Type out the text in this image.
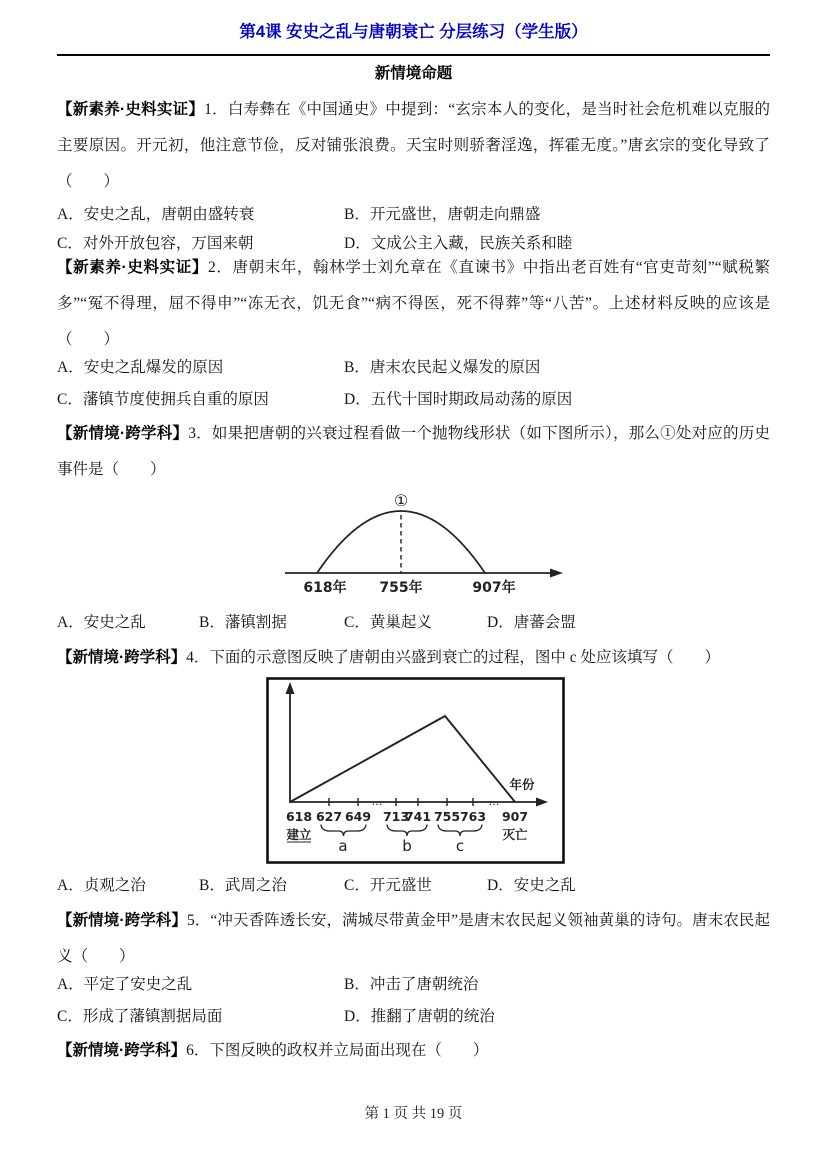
第4课 安史之乱与唐朝衰亡 分层练习（学生版）
新情境命题

【新素养·史料实证】1．白寿彝在《中国通史》中提到：“玄宗本人的变化，是当时社会危机难以克服的主要原因。开元初，他注意节俭，反对铺张浪费。天宝时则骄奢淫逸，挥霍无度。”唐玄宗的变化导致了（　　）

A．安史之乱，唐朝由盛转衰	B．开元盛世，唐朝走向鼎盛
C．对外开放包容，万国来朝	D．文成公主入藏，民族关系和睦

【新素养·史料实证】2．唐朝末年，翰林学士刘允章在《直谏书》中指出老百姓有“官吏苛刻”“赋税繁多”“冤不得理，屈不得申”“冻无衣，饥无食”“病不得医，死不得葬”等“八苦”。上述材料反映的应该是（　　）

A．安史之乱爆发的原因	B．唐末农民起义爆发的原因
C．藩镇节度使拥兵自重的原因	D．五代十国时期政局动荡的原因

【新情境·跨学科】3．如果把唐朝的兴衰过程看做一个抛物线形状（如下图所示），那么①处对应的历史事件是（　　）

①
618年 755年	907年
A．安史之乱	B．藩镇割据	C．黄巢起义	D．唐蕃会盟

【新情境·跨学科】4．下面的示意图反映了唐朝由兴盛到衰亡的过程，图中 c 处应该填写（　　）

年份
…	…
618 627 649 713
741 755 763 907
建立	灭亡
a	b	c
A．贞观之治	B．武周之治	C．开元盛世	D．安史之乱

【新情境·跨学科】5．“冲天香阵透长安，满城尽带黄金甲”是唐末农民起义领袖黄巢的诗句。唐末农民起义（　　）

A．平定了安史之乱	B．冲击了唐朝统治
C．形成了藩镇割据局面	D．推翻了唐朝的统治

【新情境·跨学科】6．下图反映的政权并立局面出现在（　　）

第 1 页 共 19 页
